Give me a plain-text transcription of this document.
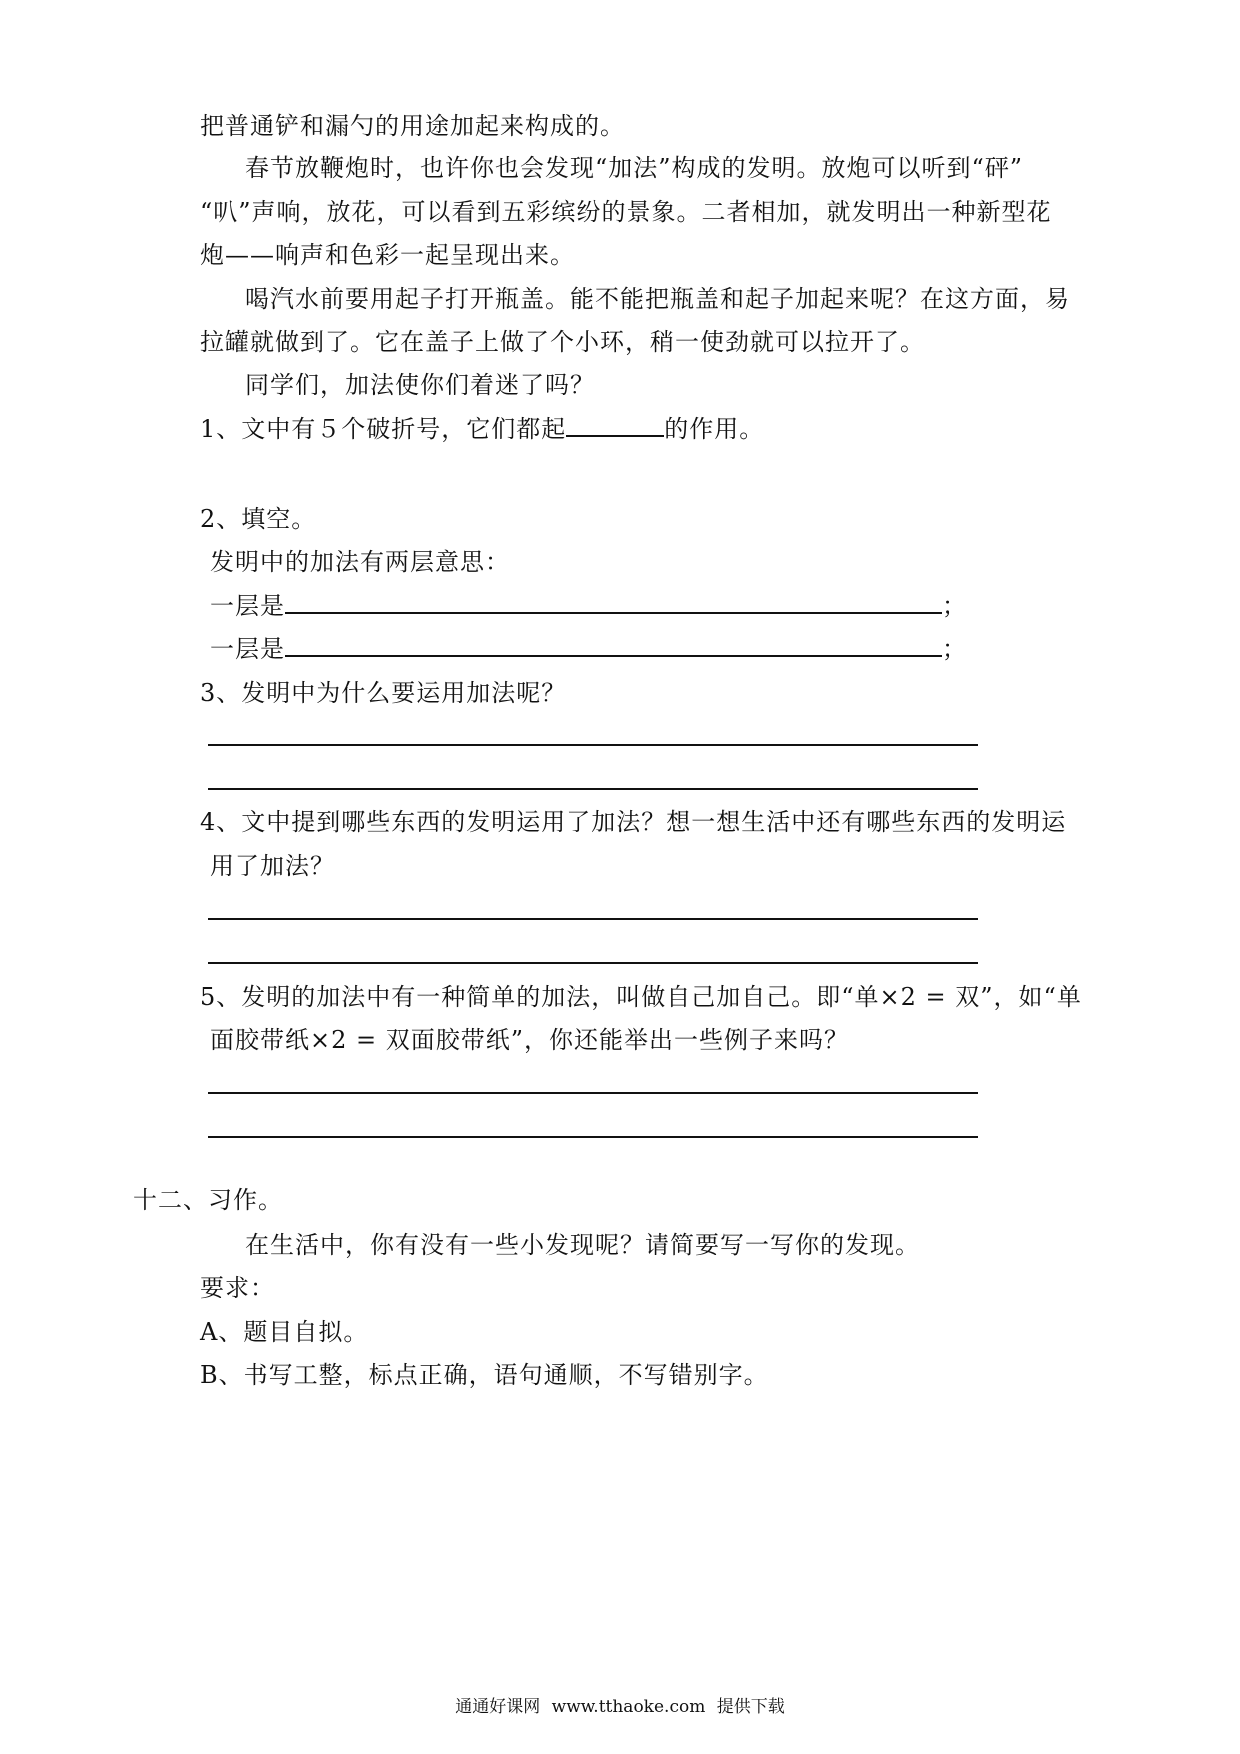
把普通铲和漏勺的用途加起来构成的。
春节放鞭炮时，也许你也会发现“加法”构成的发明。放炮可以听到“砰”
“叭”声响，放花，可以看到五彩缤纷的景象。二者相加，就发明出一种新型花
炮——响声和色彩一起呈现出来。
喝汽水前要用起子打开瓶盖。能不能把瓶盖和起子加起来呢？在这方面，易
拉罐就做到了。它在盖子上做了个小环，稍一使劲就可以拉开了。
同学们，加法使你们着迷了吗？
1、文中有５个破折号，它们都起	的作用。
2、填空。
发明中的加法有两层意思：
一层是	；
一层是	；
3、发明中为什么要运用加法呢？
4、文中提到哪些东西的发明运用了加法？想一想生活中还有哪些东西的发明运
用了加法？
5、发明的加法中有一种简单的加法，叫做自己加自己。即“单×2 = 双”，如“单
面胶带纸×2 = 双面胶带纸”，你还能举出一些例子来吗？
十二、习作。
在生活中，你有没有一些小发现呢？请简要写一写你的发现。
要求：
A、题目自拟。
B、书写工整，标点正确，语句通顺，不写错别字。
通通好课网 www.tthaoke.com 提供下载
